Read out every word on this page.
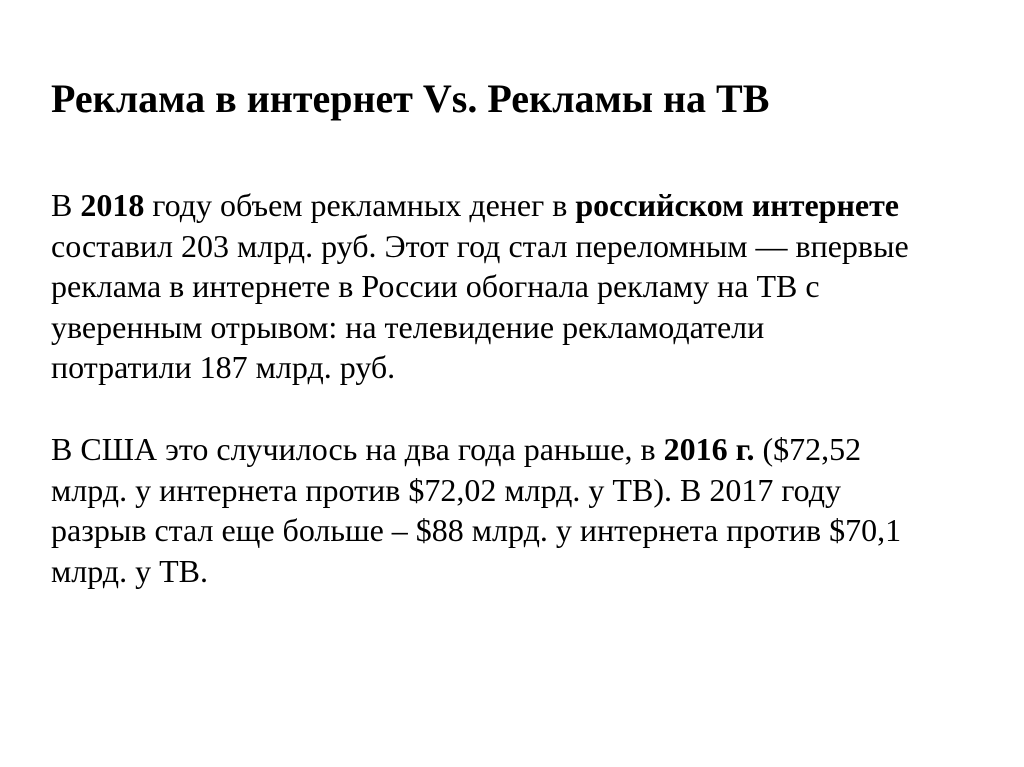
Реклама в интернет Vs. Рекламы на ТВ

В 2018 году объем рекламных денег в российском интернете
составил 203 млрд. руб. Этот год стал переломным — впервые
реклама в интернете в России обогнала рекламу на ТВ с
уверенным отрывом: на телевидение рекламодатели
потратили 187 млрд. руб.

В США это случилось на два года раньше, в 2016 г. ($72,52
млрд. у интернета против $72,02 млрд. у ТВ). В 2017 году
разрыв стал еще больше – $88 млрд. у интернета против $70,1
млрд. у ТВ.
